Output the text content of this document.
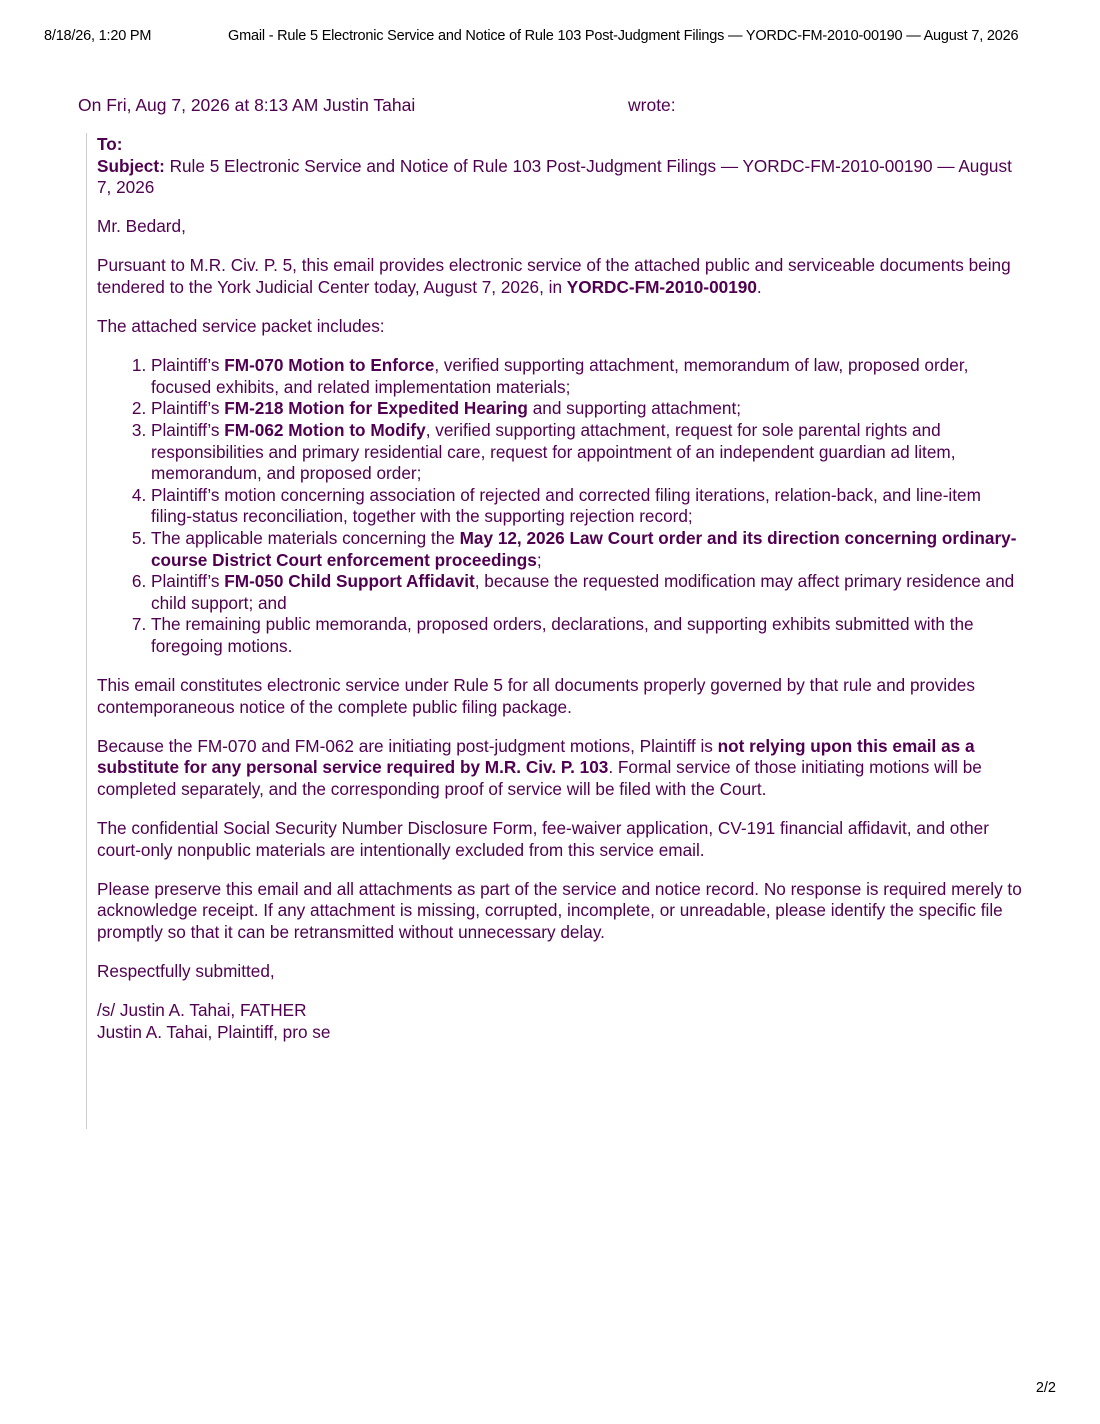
8/18/26, 1:20 PM	Gmail - Rule 5 Electronic Service and Notice of Rule 103 Post-Judgment Filings — YORDC-FM-2010-00190 — August 7, 2026
On Fri, Aug 7, 2026 at 8:13 AM Justin Tahai	wrote:
To:
Subject: Rule 5 Electronic Service and Notice of Rule 103 Post-Judgment Filings — YORDC-FM-2010-00190 — August 7, 2026

Mr. Bedard,

Pursuant to M.R. Civ. P. 5, this email provides electronic service of the attached public and serviceable documents being tendered to the York Judicial Center today, August 7, 2026, in YORDC-FM-2010-00190.

The attached service packet includes:

1. Plaintiff’s FM-070 Motion to Enforce, verified supporting attachment, memorandum of law, proposed order, focused exhibits, and related implementation materials;
2. Plaintiff’s FM-218 Motion for Expedited Hearing and supporting attachment;
3. Plaintiff’s FM-062 Motion to Modify, verified supporting attachment, request for sole parental rights and responsibilities and primary residential care, request for appointment of an independent guardian ad litem, memorandum, and proposed order;
4. Plaintiff’s motion concerning association of rejected and corrected filing iterations, relation-back, and line-item filing-status reconciliation, together with the supporting rejection record;
5. The applicable materials concerning the May 12, 2026 Law Court order and its direction concerning ordinary-course District Court enforcement proceedings;
6. Plaintiff’s FM-050 Child Support Affidavit, because the requested modification may affect primary residence and child support; and
7. The remaining public memoranda, proposed orders, declarations, and supporting exhibits submitted with the foregoing motions.

This email constitutes electronic service under Rule 5 for all documents properly governed by that rule and provides contemporaneous notice of the complete public filing package.

Because the FM-070 and FM-062 are initiating post-judgment motions, Plaintiff is not relying upon this email as a substitute for any personal service required by M.R. Civ. P. 103. Formal service of those initiating motions will be completed separately, and the corresponding proof of service will be filed with the Court.

The confidential Social Security Number Disclosure Form, fee-waiver application, CV-191 financial affidavit, and other court-only nonpublic materials are intentionally excluded from this service email.

Please preserve this email and all attachments as part of the service and notice record. No response is required merely to acknowledge receipt. If any attachment is missing, corrupted, incomplete, or unreadable, please identify the specific file promptly so that it can be retransmitted without unnecessary delay.

Respectfully submitted,

/s/ Justin A. Tahai, FATHER
Justin A. Tahai, Plaintiff, pro se
2/2
